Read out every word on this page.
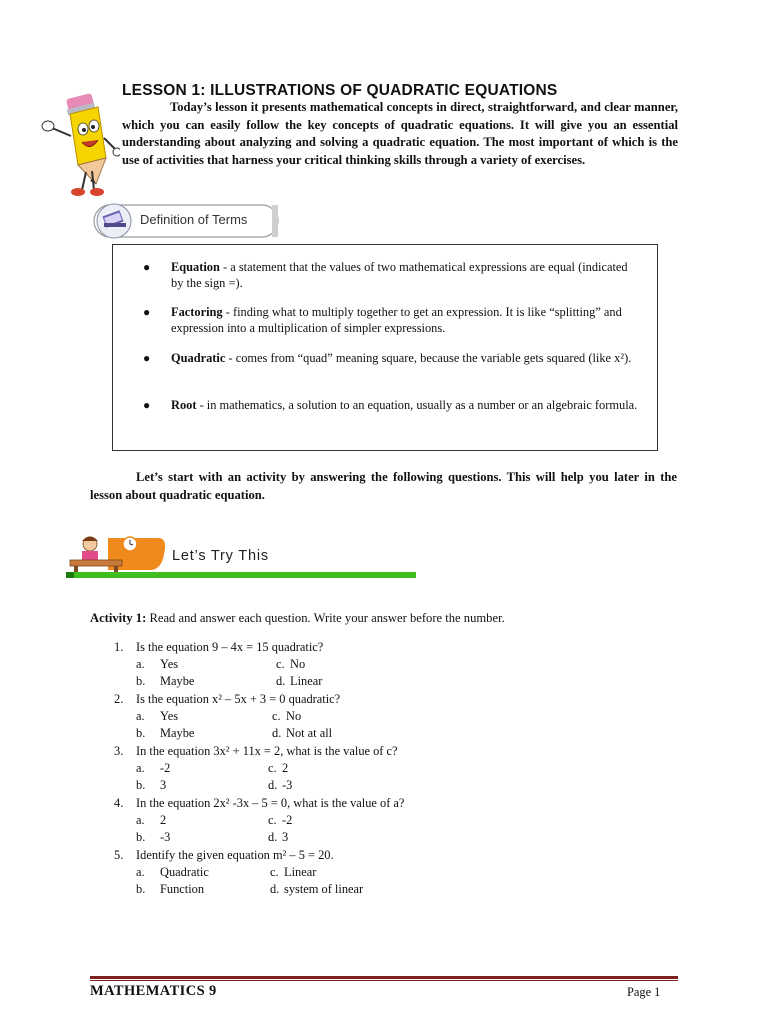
LESSON 1: ILLUSTRATIONS OF QUADRATIC EQUATIONS

Today’s lesson it presents mathematical concepts in direct, straightforward, and clear manner, which you can easily follow the key concepts of quadratic equations. It will give you an essential understanding about analyzing and solving a quadratic equation. The most important of which is the use of activities that harness your critical thinking skills through a variety of exercises.

Definition of Terms
● Equation - a statement that the values of two mathematical expressions are equal (indicated by the sign =).
● Factoring - finding what to multiply together to get an expression. It is like “splitting” and expression into a multiplication of simpler expressions.
● Quadratic - comes from “quad” meaning square, because the variable gets squared (like x²).
● Root - in mathematics, a solution to an equation, usually as a number or an algebraic formula.

Let’s start with an activity by answering the following questions. This will help you later in the lesson about quadratic equation.

Let’s Try This
Activity 1: Read and answer each question. Write your answer before the number.
1. Is the equation 9 – 4x = 15 quadratic?
a. Yes	c. No
b. Maybe	d. Linear
2. Is the equation x² – 5x + 3 = 0 quadratic?
a. Yes	c. No
b. Maybe	d. Not at all
3. In the equation 3x² + 11x = 2, what is the value of c?
a. -2	c. 2
b. 3	d. -3
4. In the equation 2x² -3x – 5 = 0, what is the value of a?
a. 2	c. -2
b. -3	d. 3
5. Identify the given equation m² – 5 = 20.
a. Quadratic	c. Linear
b. Function	d. system of linear
MATHEMATICS 9	Page 1
